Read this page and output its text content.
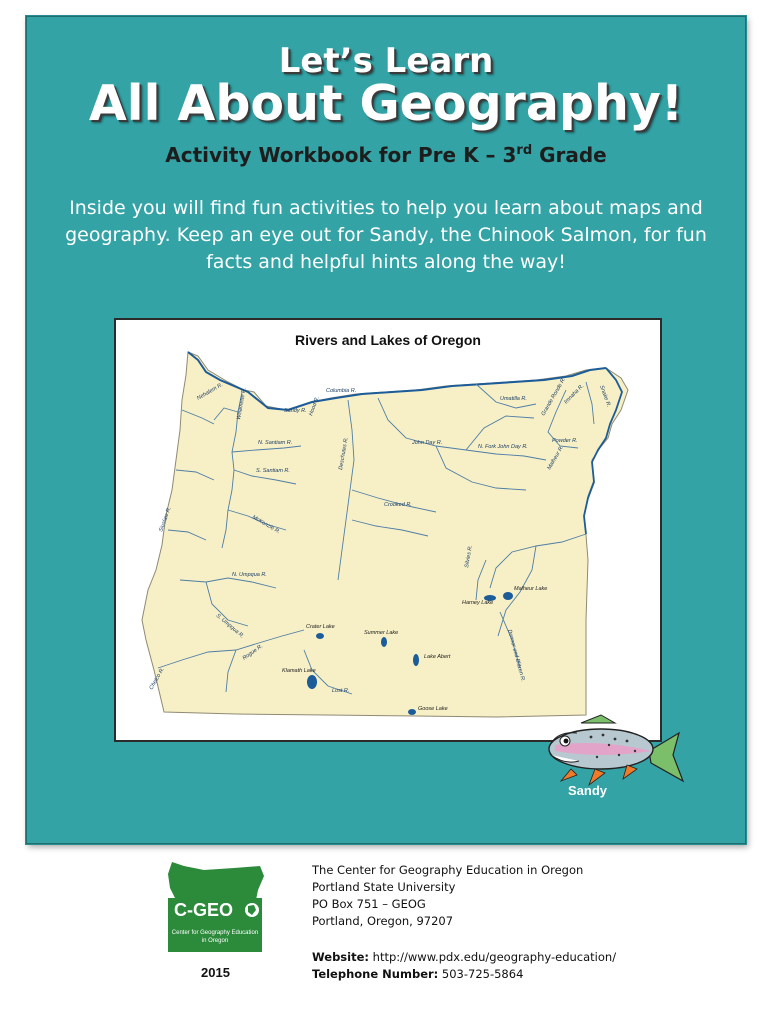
Let’s Learn
All About Geography!
Activity Workbook for Pre K – 3rd Grade
Inside you will find fun activities to help you learn about maps and geography. Keep an eye out for Sandy, the Chinook Salmon, for fun facts and helpful hints along the way!
Columbia R.
Umatilla R.	Snake R.
Grande Ronde R.
Imnaha R.
N. Santiam R.
S. Santiam R.
Willamette R.
McKenzie R.
N. Fork John Day R.
John Day R.
Crooked R.
Deschutes R.	Malheur R.
Silvies R.
N. Umpqua R.
S. Umpqua R.
Rogue R.
Chetco R.	Lost R.
Powder R.
Donner und Blitzen R.
Nehalem R.
Siuslaw R.
Sandy R. Hood R.
Crater Lake
Harney Lake
Malheur Lake
Summer Lake
Lake Abert
Klamath Lake
Goose Lake
Rivers and Lakes of Oregon
Sandy
C-GEO
Center for Geography Education
in Oregon
2015
The Center for Geography Education in Oregon
Portland State University
PO Box 751 – GEOG
Portland, Oregon, 97207
Website: http://www.pdx.edu/geography-education/
Telephone Number: 503-725-5864
